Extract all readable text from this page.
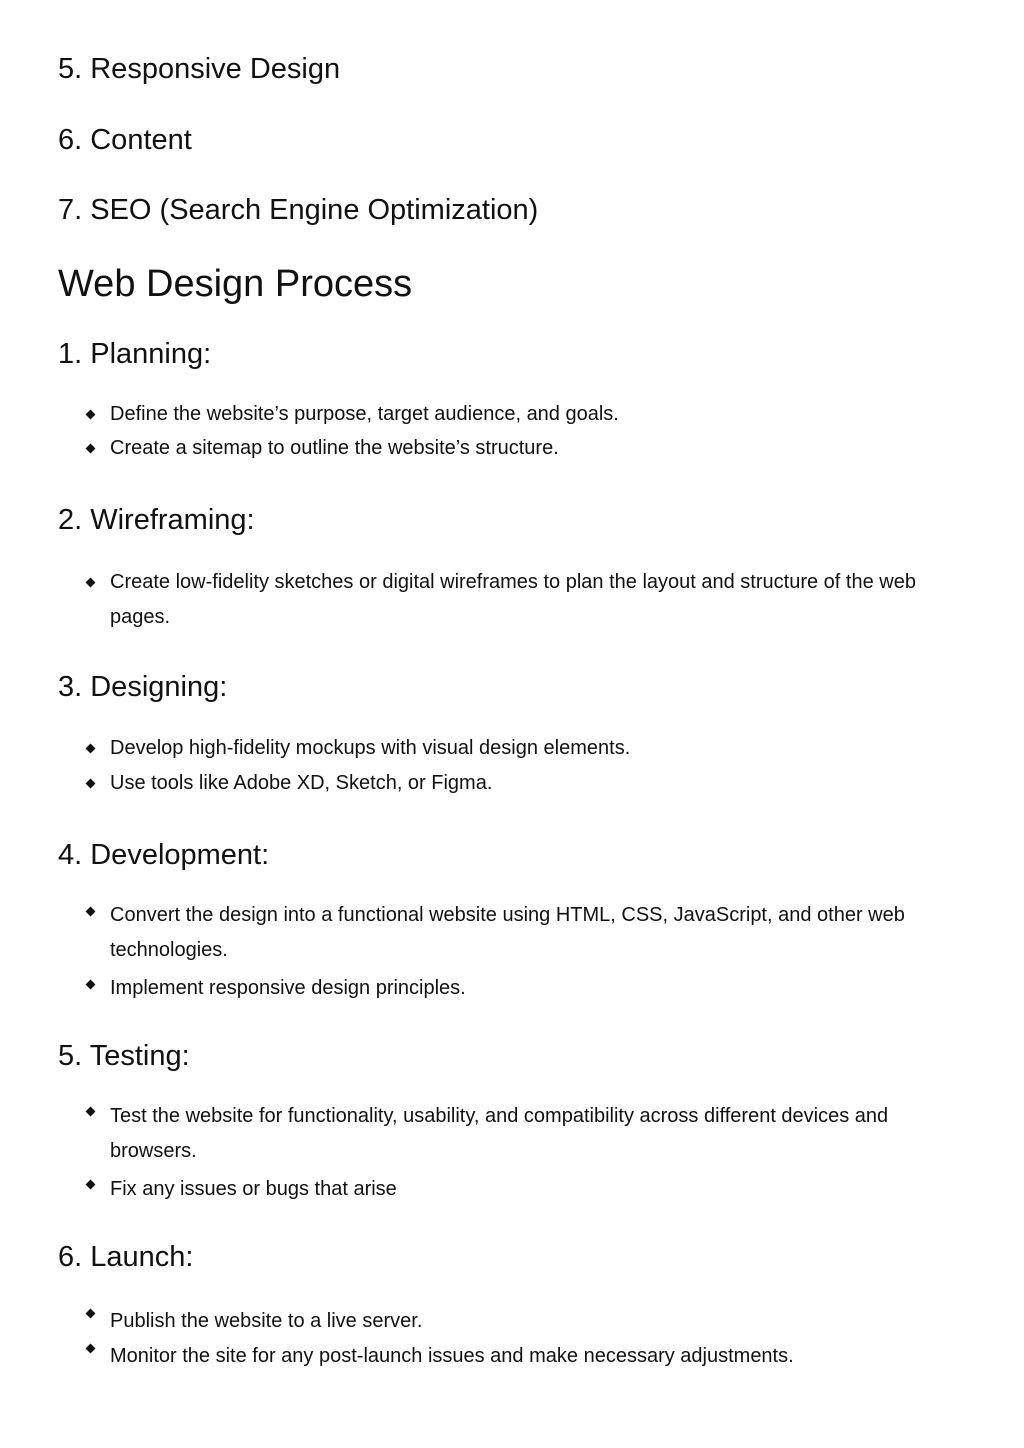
5. Responsive Design

6. Content

7. SEO (Search Engine Optimization)

Web Design Process
1. Planning:
Define the website’s purpose, target audience, and goals.
Create a sitemap to outline the website’s structure.
2. Wireframing:
Create low-fidelity sketches or digital wireframes to plan the layout and structure of the web pages.
3. Designing:
Develop high-fidelity mockups with visual design elements.
Use tools like Adobe XD, Sketch, or Figma.
4. Development:
Convert the design into a functional website using HTML, CSS, JavaScript, and other web technologies.
Implement responsive design principles.
5. Testing:
Test the website for functionality, usability, and compatibility across different devices and browsers.
Fix any issues or bugs that arise
6. Launch:
Publish the website to a live server.
Monitor the site for any post-launch issues and make necessary adjustments.
